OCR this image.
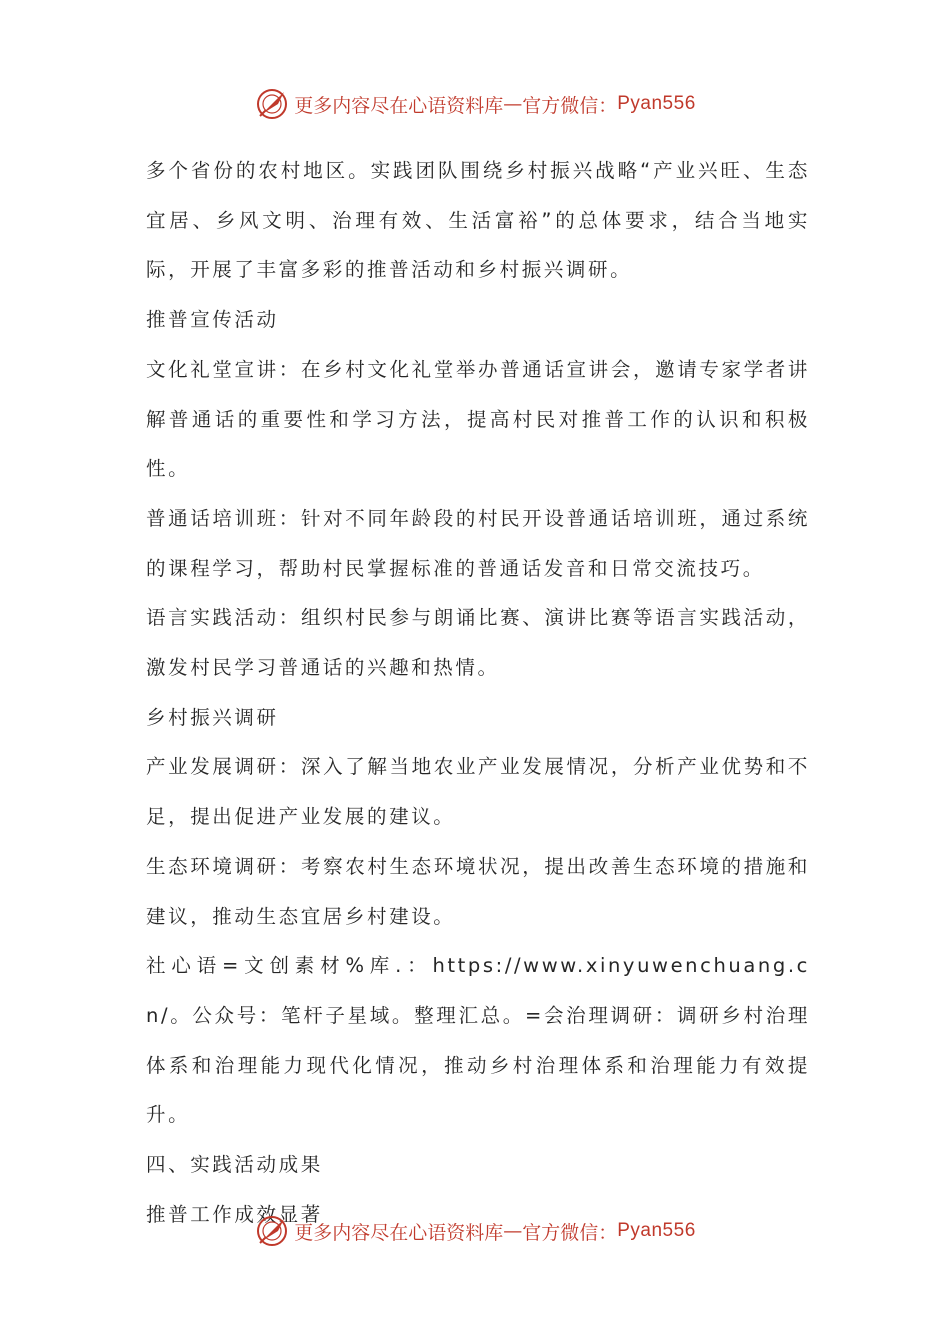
更多内容尽在心语资料库 — 官方微信： Pyan556

多个省份的农村地区。实践团队围绕乡村振兴战略“产业兴旺、生态宜居、乡风文明、治理有效、生活富裕”的总体要求，结合当地实际，开展了丰富多彩的推普活动和乡村振兴调研。

推普宣传活动

文化礼堂宣讲：在乡村文化礼堂举办普通话宣讲会，邀请专家学者讲解普通话的重要性和学习方法，提高村民对推普工作的认识和积极性。

普通话培训班：针对不同年龄段的村民开设普通话培训班，通过系统的课程学习，帮助村民掌握标准的普通话发音和日常交流技巧。

语言实践活动：组织村民参与朗诵比赛、演讲比赛等语言实践活动，激发村民学习普通话的兴趣和热情。

乡村振兴调研

产业发展调研：深入了解当地农业产业发展情况，分析产业优势和不足，提出促进产业发展的建议。

生态环境调研：考察农村生态环境状况，提出改善生态环境的措施和建议，推动生态宜居乡村建设。

社心语=文创素材%库.：https://www.xinyuwenchuang.cn/。公众号：笔杆子星域。整理汇总。=会治理调研：调研乡村治理体系和治理能力现代化情况，推动乡村治理体系和治理能力有效提升。

四、实践活动成果

推普工作成效显著

更多内容尽在心语资料库 — 官方微信： Pyan556
